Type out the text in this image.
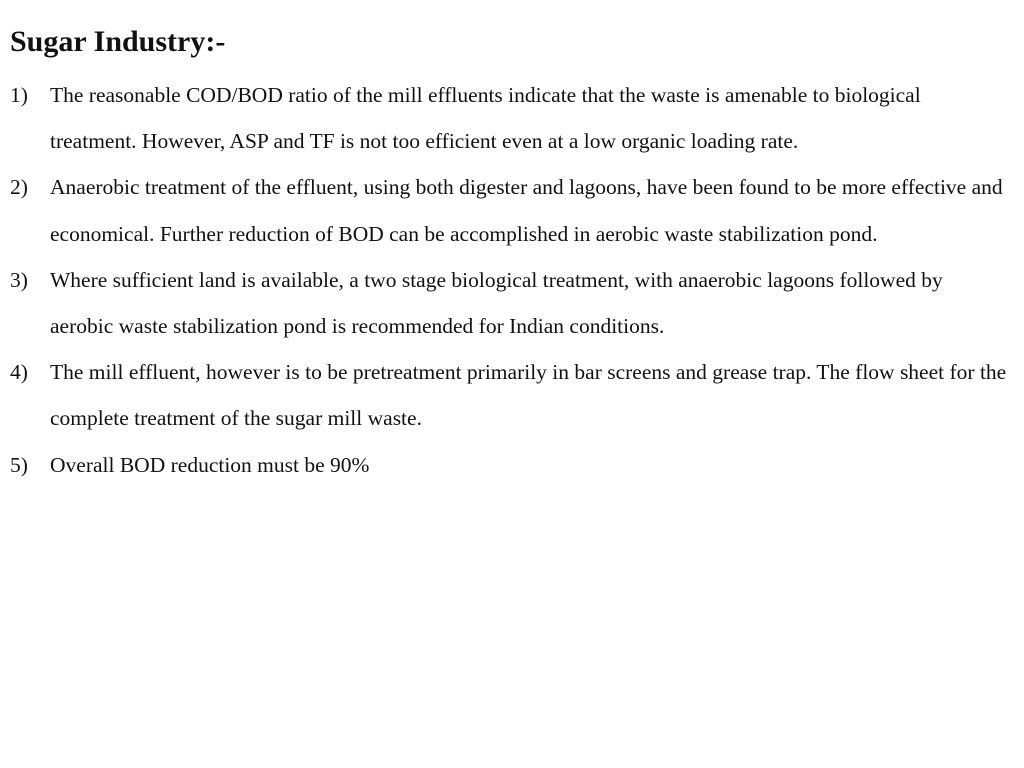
Sugar Industry:-
1)	The reasonable COD/BOD ratio of the mill effluents indicate that the waste is amenable to biological treatment. However, ASP and TF is not too efficient even at a low organic loading rate.
2)	Anaerobic treatment of the effluent, using both digester and lagoons, have been found to be more effective and economical. Further reduction of BOD can be accomplished in aerobic waste stabilization pond.
3)	Where sufficient land is available, a two stage biological treatment, with anaerobic lagoons followed by aerobic waste stabilization pond is recommended for Indian conditions.
4)	The mill effluent, however is to be pretreatment primarily in bar screens and grease trap. The flow sheet for the complete treatment of the sugar mill waste.
5)	Overall BOD reduction must be 90%
